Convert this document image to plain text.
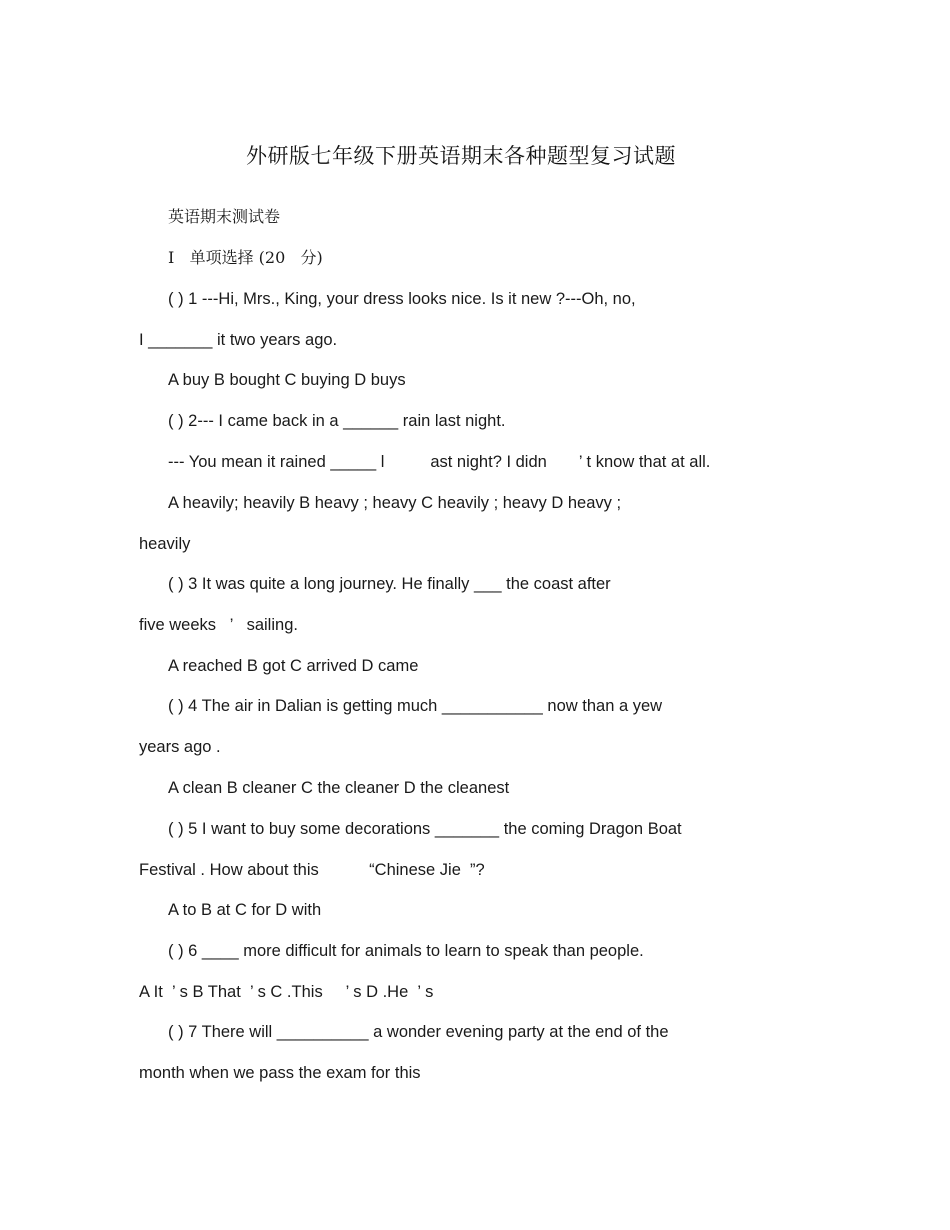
外研版七年级下册英语期末各种题型复习试题
英语期末测试卷
I   单项选择 (20   分)
( ) 1 ---Hi, Mrs., King, your dress looks nice. Is it new ?---Oh, no,
I _______ it two years ago.
A buy B bought C buying D buys
( ) 2--- I came back in a ______ rain last night.
--- You mean it rained _____ l          ast night? I didn       ’ t know that at all.
A heavily; heavily B heavy ; heavy C heavily ; heavy D heavy ;
heavily
( ) 3 It was quite a long journey. He finally ___ the coast after
five weeks   ’   sailing.
A reached B got C arrived D came
( ) 4 The air in Dalian is getting much ___________ now than a yew
years ago .
A clean B cleaner C the cleaner D the cleanest
( ) 5 I want to buy some decorations _______ the coming Dragon Boat
Festival . How about this           “Chinese Jie  ”?
A to B at C for D with
( ) 6 ____ more difficult for animals to learn to speak than people.
A It  ’ s B That  ’ s C .This     ’ s D .He  ’ s
( ) 7 There will __________ a wonder evening party at the end of the
month when we pass the exam for this
